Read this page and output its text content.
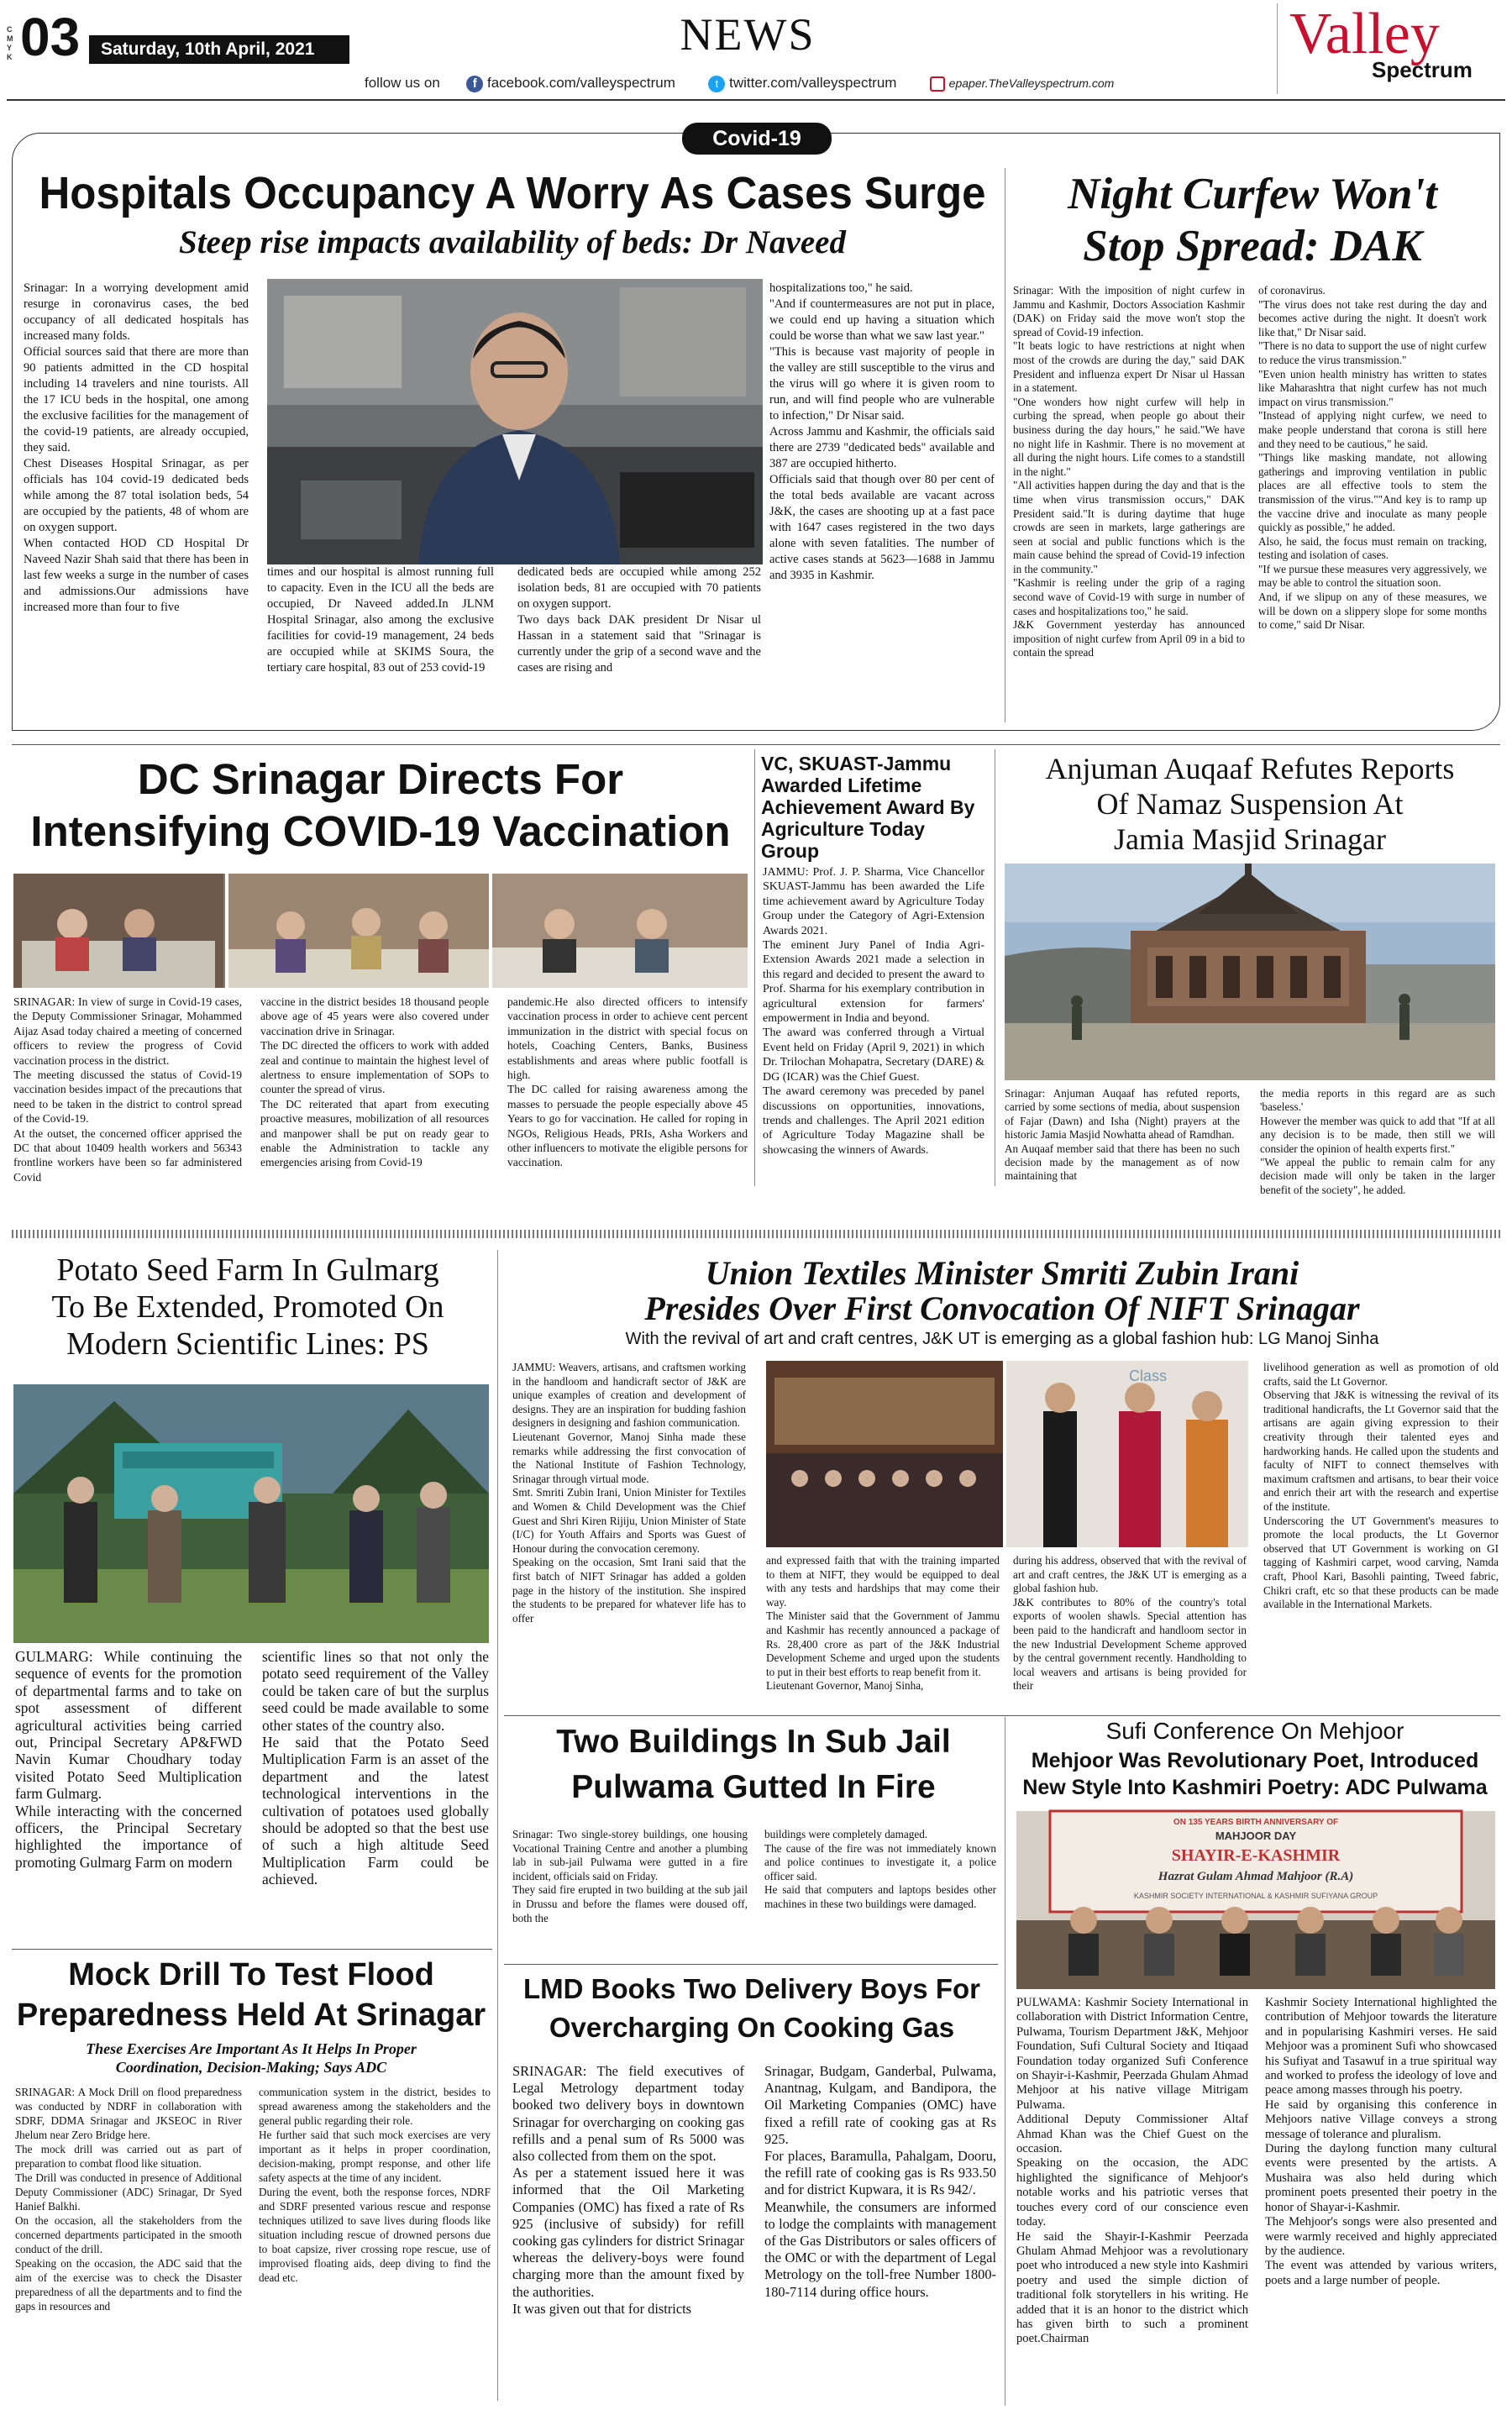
C M Y K 03	Saturday, 10th April, 2021	NEWS
follow us on	f facebook.com/valleyspectrum	t twitter.com/valleyspectrum	epaper.TheValleyspectrum.com
Valley
Spectrum
Covid-19
Hospitals Occupancy A Worry As Cases Surge
Steep rise impacts availability of beds: Dr Naveed
Srinagar: In a worrying development amid resurge in coronavirus cases, the bed occupancy of all dedicated hospitals has increased many folds.
Official sources said that there are more than 90 patients admitted in the CD hospital including 14 travelers and nine tourists. All the 17 ICU beds in the hospital, one among the exclusive facilities for the management of the covid-19 patients, are already occupied, they said.
Chest Diseases Hospital Srinagar, as per officials has 104 covid-19 dedicated beds while among the 87 total isolation beds, 54 are occupied by the patients, 48 of whom are on oxygen support.
When contacted HOD CD Hospital Dr Naveed Nazir Shah said that there has been in last few weeks a surge in the number of cases and admissions.Our admissions have increased more than four to five
times and our hospital is almost running full to capacity. Even in the ICU all the beds are occupied, Dr Naveed added.In JLNM Hospital Srinagar, also among the exclusive facilities for covid-19 management, 24 beds are occupied while at SKIMS Soura, the tertiary care hospital, 83 out of 253 covid-19
dedicated beds are occupied while among 252 isolation beds, 81 are occupied with 70 patients on oxygen support.
Two days back DAK president Dr Nisar ul Hassan in a statement said that "Srinagar is currently under the grip of a second wave and the cases are rising and
hospitalizations too," he said.
"And if countermeasures are not put in place, we could end up having a situation which could be worse than what we saw last year."
"This is because vast majority of people in the valley are still susceptible to the virus and the virus will go where it is given room to run, and will find people who are vulnerable to infection," Dr Nisar said.
Across Jammu and Kashmir, the officials said there are 2739 "dedicated beds" available and 387 are occupied hitherto.
Officials said that though over 80 per cent of the total beds available are vacant across J&K, the cases are shooting up at a fast pace with 1647 cases registered in the two days alone with seven fatalities. The number of active cases stands at 5623—1688 in Jammu and 3935 in Kashmir.
Night Curfew Won't
Stop Spread: DAK
Srinagar: With the imposition of night curfew in Jammu and Kashmir, Doctors Association Kashmir (DAK) on Friday said the move won't stop the spread of Covid-19 infection.
"It beats logic to have restrictions at night when most of the crowds are during the day," said DAK President and influenza expert Dr Nisar ul Hassan in a statement.
"One wonders how night curfew will help in curbing the spread, when people go about their business during the day hours," he said."We have no night life in Kashmir. There is no movement at all during the night hours. Life comes to a standstill in the night."
"All activities happen during the day and that is the time when virus transmission occurs," DAK President said."It is during daytime that huge crowds are seen in markets, large gatherings are seen at social and public functions which is the main cause behind the spread of Covid-19 infection in the community."
"Kashmir is reeling under the grip of a raging second wave of Covid-19 with surge in number of cases and hospitalizations too," he said.
J&K Government yesterday has announced imposition of night curfew from April 09 in a bid to contain the spread
of coronavirus.
"The virus does not take rest during the day and becomes active during the night. It doesn't work like that," Dr Nisar said.
"There is no data to support the use of night curfew to reduce the virus transmission."
"Even union health ministry has written to states like Maharashtra that night curfew has not much impact on virus transmission."
"Instead of applying night curfew, we need to make people understand that corona is still here and they need to be cautious," he said.
"Things like masking mandate, not allowing gatherings and improving ventilation in public places are all effective tools to stem the transmission of the virus.""And key is to ramp up the vaccine drive and inoculate as many people quickly as possible," he added.
Also, he said, the focus must remain on tracking, testing and isolation of cases.
"If we pursue these measures very aggressively, we may be able to control the situation soon.
And, if we slipup on any of these measures, we will be down on a slippery slope for some months to come," said Dr Nisar.
DC Srinagar Directs For
Intensifying COVID-19 Vaccination
SRINAGAR: In view of surge in Covid-19 cases, the Deputy Commissioner Srinagar, Mohammed Aijaz Asad today chaired a meeting of concerned officers to review the progress of Covid vaccination process in the district.
The meeting discussed the status of Covid-19 vaccination besides impact of the precautions that need to be taken in the district to control spread of the Covid-19.
At the outset, the concerned officer apprised the DC that about 10409 health workers and 56343 frontline workers have been so far administered Covid
vaccine in the district besides 18 thousand people above age of 45 years were also covered under vaccination drive in Srinagar.
The DC directed the officers to work with added zeal and continue to maintain the highest level of alertness to ensure implementation of SOPs to counter the spread of virus.
The DC reiterated that apart from executing proactive measures, mobilization of all resources and manpower shall be put on ready gear to enable the Administration to tackle any emergencies arising from Covid-19
pandemic.He also directed officers to intensify vaccination process in order to achieve cent percent immunization in the district with special focus on hotels, Coaching Centers, Banks, Business establishments and areas where public footfall is high.
The DC called for raising awareness among the masses to persuade the people especially above 45 Years to go for vaccination. He called for roping in NGOs, Religious Heads, PRIs, Asha Workers and other influencers to motivate the eligible persons for vaccination.
VC, SKUAST-Jammu Awarded Lifetime Achievement Award By Agriculture Today Group
JAMMU: Prof. J. P. Sharma, Vice Chancellor SKUAST-Jammu has been awarded the Life time achievement award by Agriculture Today Group under the Category of Agri-Extension Awards 2021.
The eminent Jury Panel of India Agri-Extension Awards 2021 made a selection in this regard and decided to present the award to Prof. Sharma for his exemplary contribution in agricultural extension for farmers' empowerment in India and beyond.
The award was conferred through a Virtual Event held on Friday (April 9, 2021) in which Dr. Trilochan Mohapatra, Secretary (DARE) & DG (ICAR) was the Chief Guest.
The award ceremony was preceded by panel discussions on opportunities, innovations, trends and challenges. The April 2021 edition of Agriculture Today Magazine shall be showcasing the winners of Awards.
Anjuman Auqaaf Refutes Reports
Of Namaz Suspension At
Jamia Masjid Srinagar
Srinagar: Anjuman Auqaaf has refuted reports, carried by some sections of media, about suspension of Fajar (Dawn) and Isha (Night) prayers at the historic Jamia Masjid Nowhatta ahead of Ramdhan.
An Auqaaf member said that there has been no such decision made by the management as of now maintaining that
the media reports in this regard are as such 'baseless.'
However the member was quick to add that "If at all any decision is to be made, then still we will consider the opinion of health experts first."
"We appeal the public to remain calm for any decision made will only be taken in the larger benefit of the society", he added.
Potato Seed Farm In Gulmarg
To Be Extended, Promoted On
Modern Scientific Lines: PS
GULMARG: While continuing the sequence of events for the promotion of departmental farms and to take on spot assessment of different agricultural activities being carried out, Principal Secretary AP&FWD Navin Kumar Choudhary today visited Potato Seed Multiplication farm Gulmarg.
While interacting with the concerned officers, the Principal Secretary highlighted the importance of promoting Gulmarg Farm on modern
scientific lines so that not only the potato seed requirement of the Valley could be taken care of but the surplus seed could be made available to some other states of the country also.
He said that the Potato Seed Multiplication Farm is an asset of the department and the latest technological interventions in the cultivation of potatoes used globally should be adopted so that the best use of such a high altitude Seed Multiplication Farm could be achieved.
Union Textiles Minister Smriti Zubin Irani
Presides Over First Convocation Of NIFT Srinagar
With the revival of art and craft centres, J&K UT is emerging as a global fashion hub: LG Manoj Sinha
JAMMU: Weavers, artisans, and craftsmen working in the handloom and handicraft sector of J&K are unique examples of creation and development of designs. They are an inspiration for budding fashion designers in designing and fashion communication.
Lieutenant Governor, Manoj Sinha made these remarks while addressing the first convocation of the National Institute of Fashion Technology, Srinagar through virtual mode.
Smt. Smriti Zubin Irani, Union Minister for Textiles and Women & Child Development was the Chief Guest and Shri Kiren Rijiju, Union Minister of State (I/C) for Youth Affairs and Sports was Guest of Honour during the convocation ceremony.
Speaking on the occasion, Smt Irani said that the first batch of NIFT Srinagar has added a golden page in the history of the institution. She inspired the students to be prepared for whatever life has to offer
Class
and expressed faith that with the training imparted to them at NIFT, they would be equipped to deal with any tests and hardships that may come their way.
The Minister said that the Government of Jammu and Kashmir has recently announced a package of Rs. 28,400 crore as part of the J&K Industrial Development Scheme and urged upon the students to put in their best efforts to reap benefit from it.
Lieutenant Governor, Manoj Sinha,
during his address, observed that with the revival of art and craft centres, the J&K UT is emerging as a global fashion hub.
J&K contributes to 80% of the country's total exports of woolen shawls. Special attention has been paid to the handicraft and handloom sector in the new Industrial Development Scheme approved by the central government recently. Handholding to local weavers and artisans is being provided for their
livelihood generation as well as promotion of old crafts, said the Lt Governor.
Observing that J&K is witnessing the revival of its traditional handicrafts, the Lt Governor said that the artisans are again giving expression to their creativity through their talented eyes and hardworking hands. He called upon the students and faculty of NIFT to connect themselves with maximum craftsmen and artisans, to bear their voice and enrich their art with the research and expertise of the institute.
Underscoring the UT Government's measures to promote the local products, the Lt Governor observed that UT Government is working on GI tagging of Kashmiri carpet, wood carving, Namda craft, Phool Kari, Basohli painting, Tweed fabric, Chikri craft, etc so that these products can be made available in the International Markets.
Two Buildings In Sub Jail
Pulwama Gutted In Fire
Srinagar: Two single-storey buildings, one housing Vocational Training Centre and another a plumbing lab in sub-jail Pulwama were gutted in a fire incident, officials said on Friday.
They said fire erupted in two building at the sub jail in Drussu and before the flames were doused off, both the
buildings were completely damaged.
The cause of the fire was not immediately known and police continues to investigate it, a police officer said.
He said that computers and laptops besides other machines in these two buildings were damaged.
Sufi Conference On Mehjoor
Mehjoor Was Revolutionary Poet, Introduced
New Style Into Kashmiri Poetry: ADC Pulwama
ON 135 YEARS BIRTH ANNIVERSARY OF
MAHJOOR DAY
SHAYIR-E-KASHMIR
Hazrat Gulam Ahmad Mahjoor (R.A)
KASHMIR SOCIETY INTERNATIONAL & KASHMIR SUFIYANA GROUP
PULWAMA: Kashmir Society International in collaboration with District Information Centre, Pulwama, Tourism Department J&K, Mehjoor Foundation, Sufi Cultural Society and Itiqaad Foundation today organized Sufi Conference on Shayir-i-Kashmir, Peerzada Ghulam Ahmad Mehjoor at his native village Mitrigam Pulwama.
Additional Deputy Commissioner Altaf Ahmad Khan was the Chief Guest on the occasion.
Speaking on the occasion, the ADC highlighted the significance of Mehjoor's notable works and his patriotic verses that touches every cord of our conscience even today.
He said the Shayir-I-Kashmir Peerzada Ghulam Ahmad Mehjoor was a revolutionary poet who introduced a new style into Kashmiri poetry and used the simple diction of traditional folk storytellers in his writing. He added that it is an honor to the district which has given birth to such a prominent poet.Chairman
Kashmir Society International highlighted the contribution of Mehjoor towards the literature and in popularising Kashmiri verses. He said Mehjoor was a prominent Sufi who showcased his Sufiyat and Tasawuf in a true spiritual way and worked to profess the ideology of love and peace among masses through his poetry.
He said by organising this conference in Mehjoors native Village conveys a strong message of tolerance and pluralism.
During the daylong function many cultural events were presented by the artists. A Mushaira was also held during which prominent poets presented their poetry in the honor of Shayar-i-Kashmir.
The Mehjoor's songs were also presented and were warmly received and highly appreciated by the audience.
The event was attended by various writers, poets and a large number of people.
Mock Drill To Test Flood
Preparedness Held At Srinagar
These Exercises Are Important As It Helps In Proper
Coordination, Decision-Making; Says ADC
SRINAGAR: A Mock Drill on flood preparedness was conducted by NDRF in collaboration with SDRF, DDMA Srinagar and JKSEOC in River Jhelum near Zero Bridge here.
The mock drill was carried out as part of preparation to combat flood like situation.
The Drill was conducted in presence of Additional Deputy Commissioner (ADC) Srinagar, Dr Syed Hanief Balkhi.
On the occasion, all the stakeholders from the concerned departments participated in the smooth conduct of the drill.
Speaking on the occasion, the ADC said that the aim of the exercise was to check the Disaster preparedness of all the departments and to find the gaps in resources and
communication system in the district, besides to spread awareness among the stakeholders and the general public regarding their role.
He further said that such mock exercises are very important as it helps in proper coordination, decision-making, prompt response, and other life safety aspects at the time of any incident.
During the event, both the response forces, NDRF and SDRF presented various rescue and response techniques utilized to save lives during floods like situation including rescue of drowned persons due to boat capsize, river crossing rope rescue, use of improvised floating aids, deep diving to find the dead etc.
LMD Books Two Delivery Boys For
Overcharging On Cooking Gas
SRINAGAR: The field executives of Legal Metrology department today booked two delivery boys in downtown Srinagar for overcharging on cooking gas refills and a penal sum of Rs 5000 was also collected from them on the spot.
As per a statement issued here it was informed that the Oil Marketing Companies (OMC) has fixed a rate of Rs 925 (inclusive of subsidy) for refill cooking gas cylinders for district Srinagar whereas the delivery-boys were found charging more than the amount fixed by the authorities.
It was given out that for districts
Srinagar, Budgam, Ganderbal, Pulwama, Anantnag, Kulgam, and Bandipora, the Oil Marketing Companies (OMC) have fixed a refill rate of cooking gas at Rs 925.
For places, Baramulla, Pahalgam, Dooru, the refill rate of cooking gas is Rs 933.50 and for district Kupwara, it is Rs 942/.
Meanwhile, the consumers are informed to lodge the complaints with management of the Gas Distributors or sales officers of the OMC or with the department of Legal Metrology on the toll-free Number 1800-180-7114 during office hours.
